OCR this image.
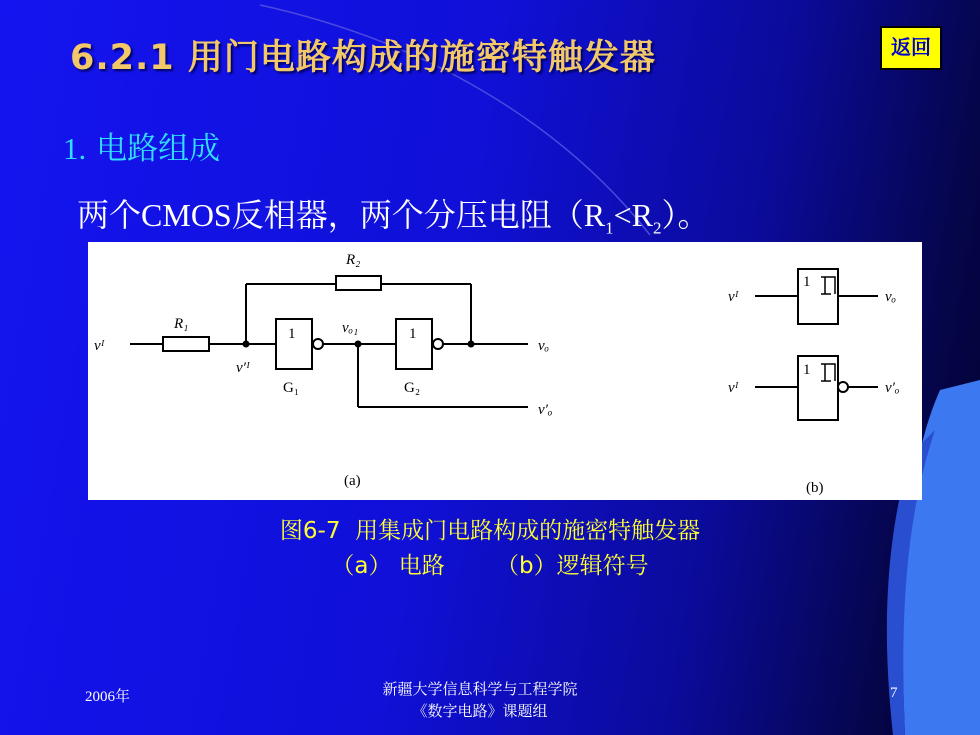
6.2.1 用门电路构成的施密特触发器	返回
1. 电路组成
两个CMOS反相器，两个分压电阻$(R_1<R_2)$。
R₂
R₁
vᴵ
v′ᴵ
1	1
vₒ₁
vₒ
v′ₒ
G₁	G₂
(a)
vᴵ
1
vₒ
vᴵ
1
v′ₒ
(b)
图6-7  用集成门电路构成的施密特触发器
（a） 电路       （b）逻辑符号
2006年	新疆大学信息科学与工程学院
《数字电路》课题组
7
